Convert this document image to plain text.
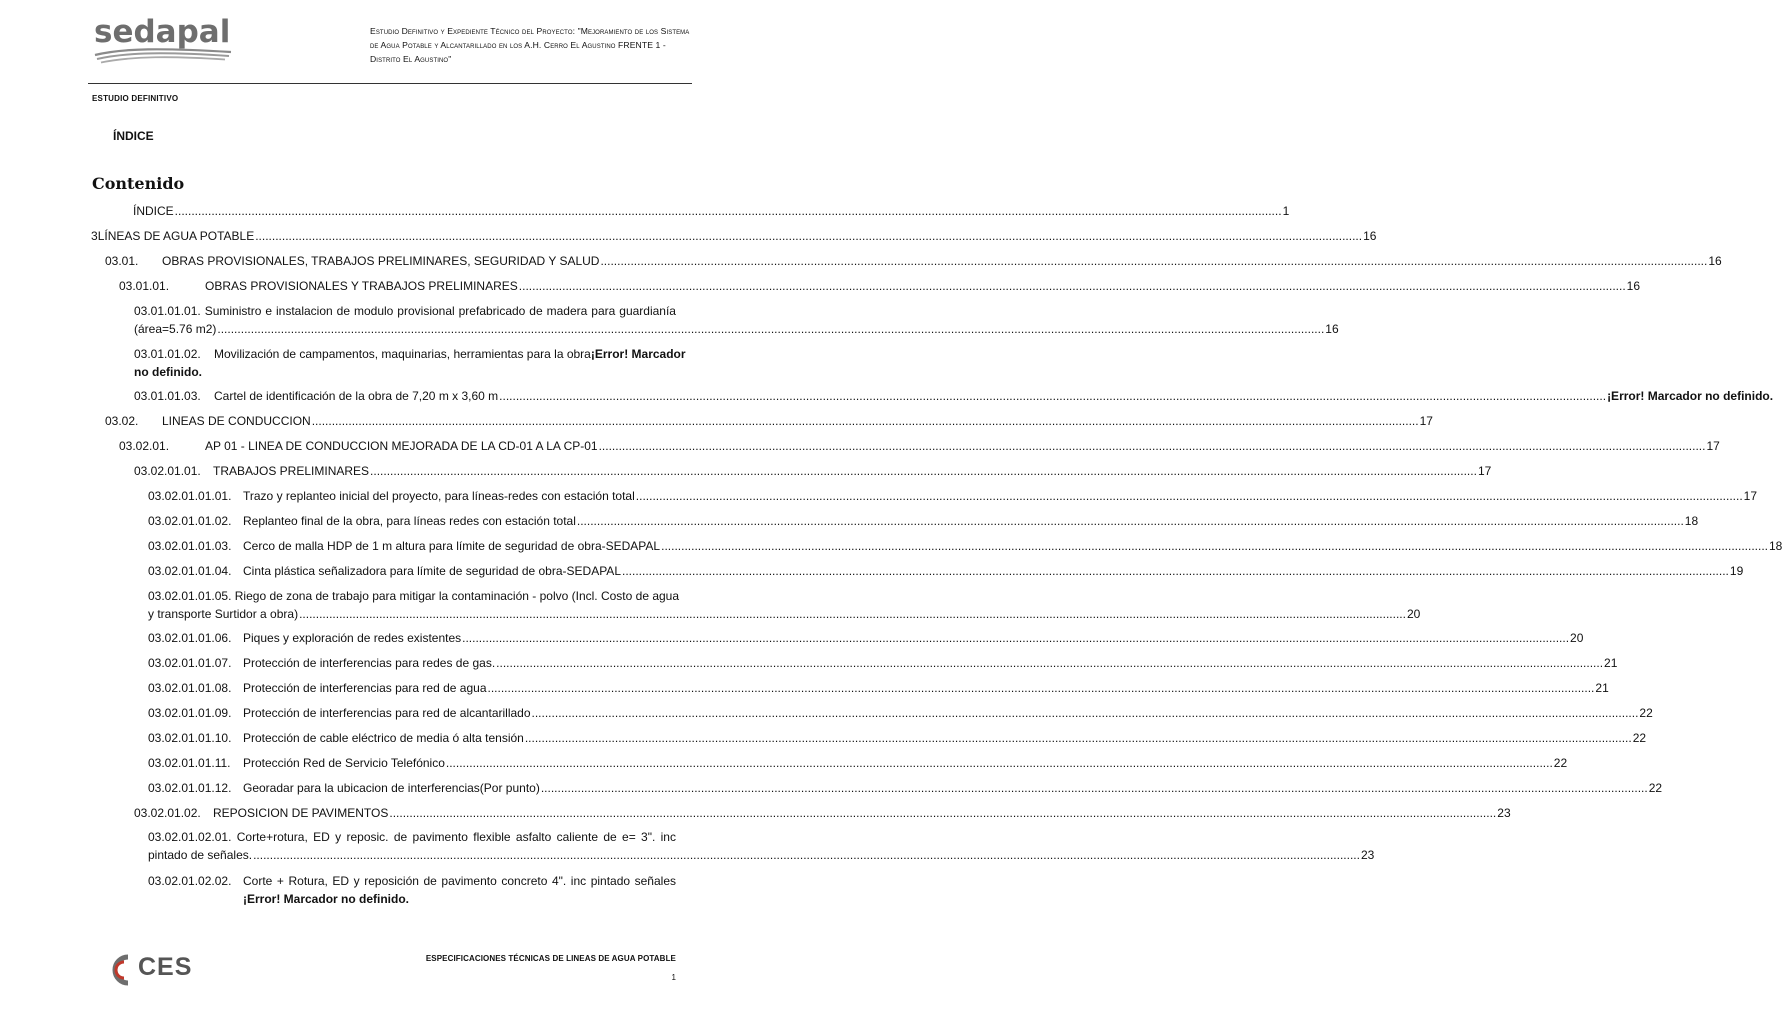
sedapal	Estudio Definitivo y Expediente Técnico del Proyecto: "Mejoramiento de los Sistema de Agua Potable y Alcantarillado en los A.H. Cerro El Agustino FRENTE 1 - Distrito El Agustino"
ESTUDIO DEFINITIVO
ÍNDICE
Contenido
ÍNDICE .....	1
3 LÍNEAS DE AGUA POTABLE .....	16
03.01.	OBRAS PROVISIONALES, TRABAJOS PRELIMINARES, SEGURIDAD Y SALUD .....	16
03.01.01.	OBRAS PROVISIONALES Y TRABAJOS PRELIMINARES .....	16
03.01.01.01. Suministro e instalacion de modulo provisional prefabricado de madera para guardianía
(área=5.76 m2) .....	16
03.01.01.02.	Movilización de campamentos, maquinarias, herramientas para la obra ¡Error! Marcador
no definido.
03.01.01.03.	Cartel de identificación de la obra de 7,20 m x 3,60 m .....	¡Error! Marcador no definido.
03.02.	LINEAS DE CONDUCCION .....	17
03.02.01.	AP 01 - LINEA DE CONDUCCION MEJORADA DE LA CD-01 A LA CP-01 .....	17
03.02.01.01.	TRABAJOS PRELIMINARES .....	17
03.02.01.01.01. Trazo y replanteo inicial del proyecto, para líneas-redes con estación total .....	17
03.02.01.01.02. Replanteo final de la obra, para líneas redes con estación total .....	18
03.02.01.01.03. Cerco de malla HDP de 1 m altura para límite de seguridad de obra-SEDAPAL .....	18
03.02.01.01.04. Cinta plástica señalizadora para límite de seguridad de obra-SEDAPAL .....	19
03.02.01.01.05. Riego de zona de trabajo para mitigar la contaminación - polvo (Incl. Costo de agua
y transporte Surtidor a obra) .....	20
03.02.01.01.06. Piques y exploración de redes existentes .....	20
03.02.01.01.07. Protección de interferencias para redes de gas. .....	21
03.02.01.01.08. Protección de interferencias para red de agua .....	21
03.02.01.01.09. Protección de interferencias para red de alcantarillado .....	22
03.02.01.01.10. Protección de cable eléctrico de media ó alta tensión .....	22
03.02.01.01.11.	Protección Red de Servicio Telefónico .....	22
03.02.01.01.12. Georadar para la ubicacion de interferencias(Por punto) .....	22
03.02.01.02.	REPOSICION DE PAVIMENTOS .....	23
03.02.01.02.01. Corte+rotura, ED y reposic. de pavimento flexible asfalto caliente de e= 3". inc
pintado de señales. .....	23
03.02.01.02.02. Corte + Rotura, ED y reposición de pavimento concreto 4". inc pintado señales
¡Error! Marcador no definido.
CES	ESPECIFICACIONES TÉCNICAS DE LINEAS DE AGUA POTABLE
1
